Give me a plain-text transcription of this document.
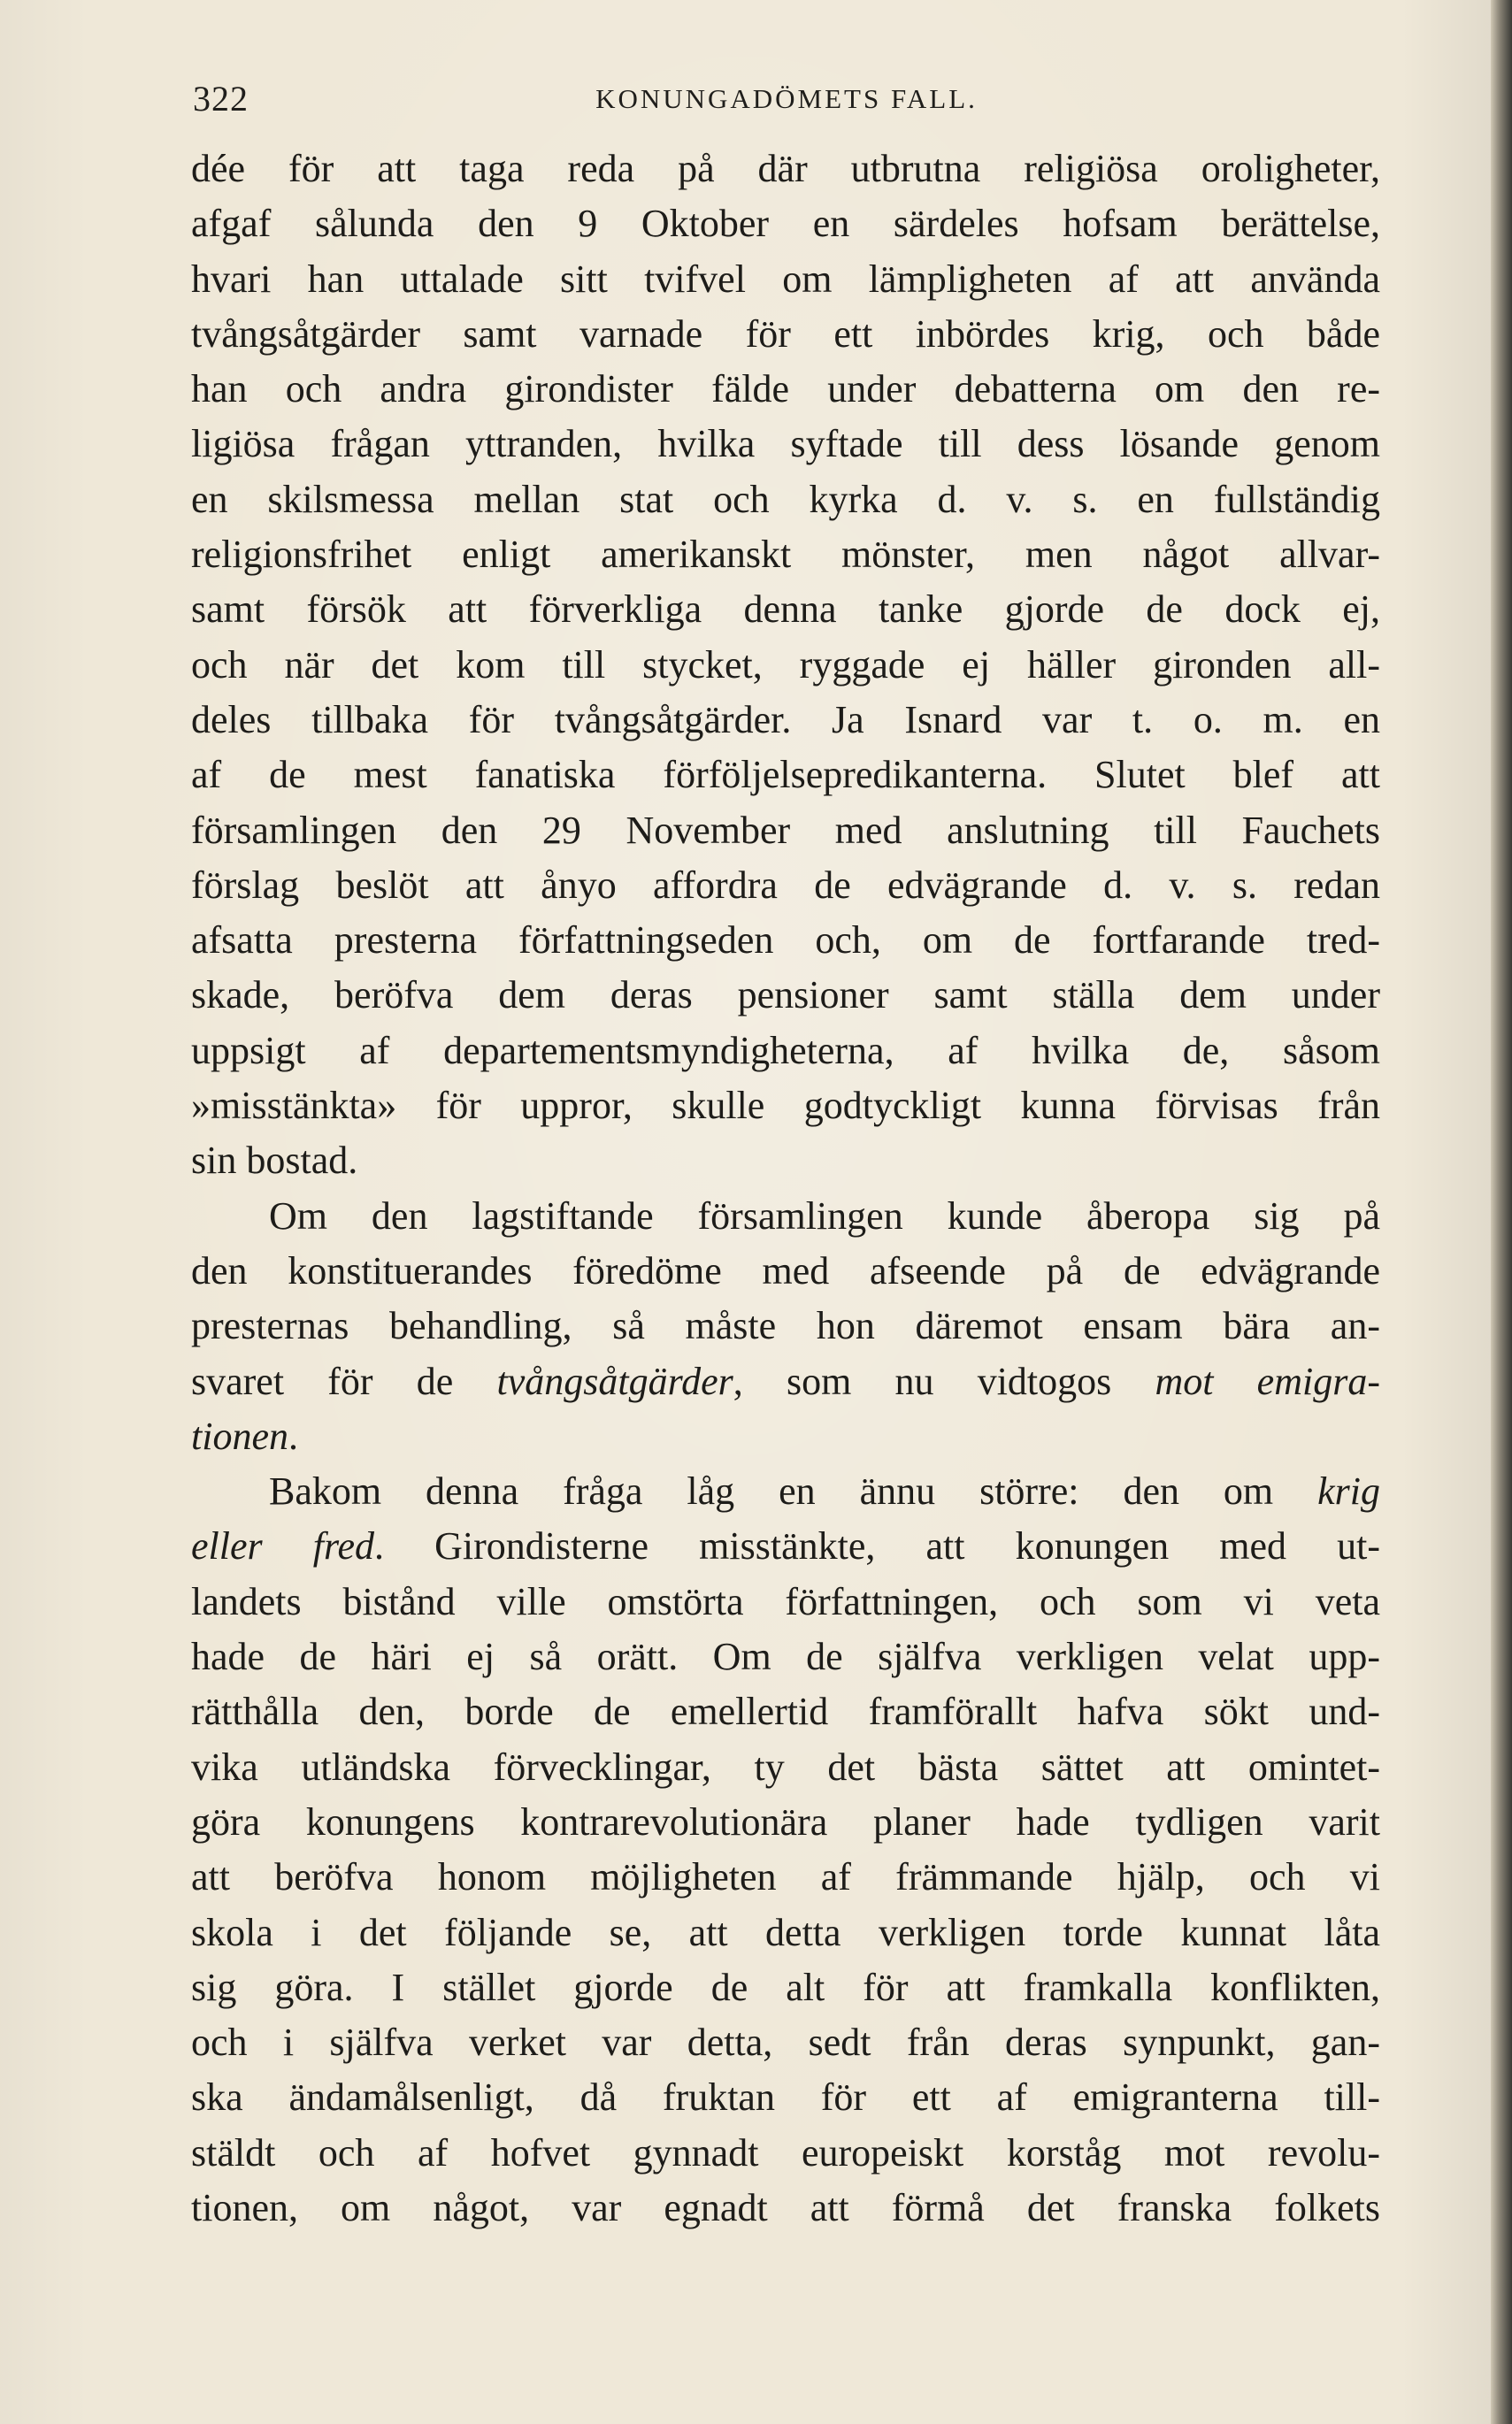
322	KONUNGADÖMETS FALL.
dée för att taga reda på där utbrutna religiösa oroligheter,
afgaf sålunda den 9 Oktober en särdeles hofsam berättelse,
hvari han uttalade sitt tvifvel om lämpligheten af att använda
tvångsåtgärder samt varnade för ett inbördes krig, och både
han och andra girondister fälde under debatterna om den re-
ligiösa frågan yttranden, hvilka syftade till dess lösande genom
en skilsmessa mellan stat och kyrka d. v. s. en fullständig
religionsfrihet enligt amerikanskt mönster, men något allvar-
samt försök att förverkliga denna tanke gjorde de dock ej,
och när det kom till stycket, ryggade ej häller gironden all-
deles tillbaka för tvångsåtgärder. Ja Isnard var t. o. m. en
af de mest fanatiska förföljelsepredikanterna. Slutet blef att
församlingen den 29 November med anslutning till Fauchets
förslag beslöt att ånyo affordra de edvägrande d. v. s. redan
afsatta presterna författningseden och, om de fortfarande tred-
skade, beröfva dem deras pensioner samt ställa dem under
uppsigt af departementsmyndigheterna, af hvilka de, såsom
»misstänkta» för uppror, skulle godtyckligt kunna förvisas från
sin bostad.
Om den lagstiftande församlingen kunde åberopa sig på
den konstituerandes föredöme med afseende på de edvägrande
presternas behandling, så måste hon däremot ensam bära an-
svaret för de tvångsåtgärder, som nu vidtogos mot emigra-
tionen.
Bakom denna fråga låg en ännu större: den om krig
eller fred. Girondisterne misstänkte, att konungen med ut-
landets bistånd ville omstörta författningen, och som vi veta
hade de häri ej så orätt. Om de själfva verkligen velat upp-
rätthålla den, borde de emellertid framförallt hafva sökt und-
vika utländska förvecklingar, ty det bästa sättet att omintet-
göra konungens kontrarevolutionära planer hade tydligen varit
att beröfva honom möjligheten af främmande hjälp, och vi
skola i det följande se, att detta verkligen torde kunnat låta
sig göra. I stället gjorde de alt för att framkalla konflikten,
och i själfva verket var detta, sedt från deras synpunkt, gan-
ska ändamålsenligt, då fruktan för ett af emigranterna till-
stäldt och af hofvet gynnadt europeiskt korståg mot revolu-
tionen, om något, var egnadt att förmå det franska folkets
